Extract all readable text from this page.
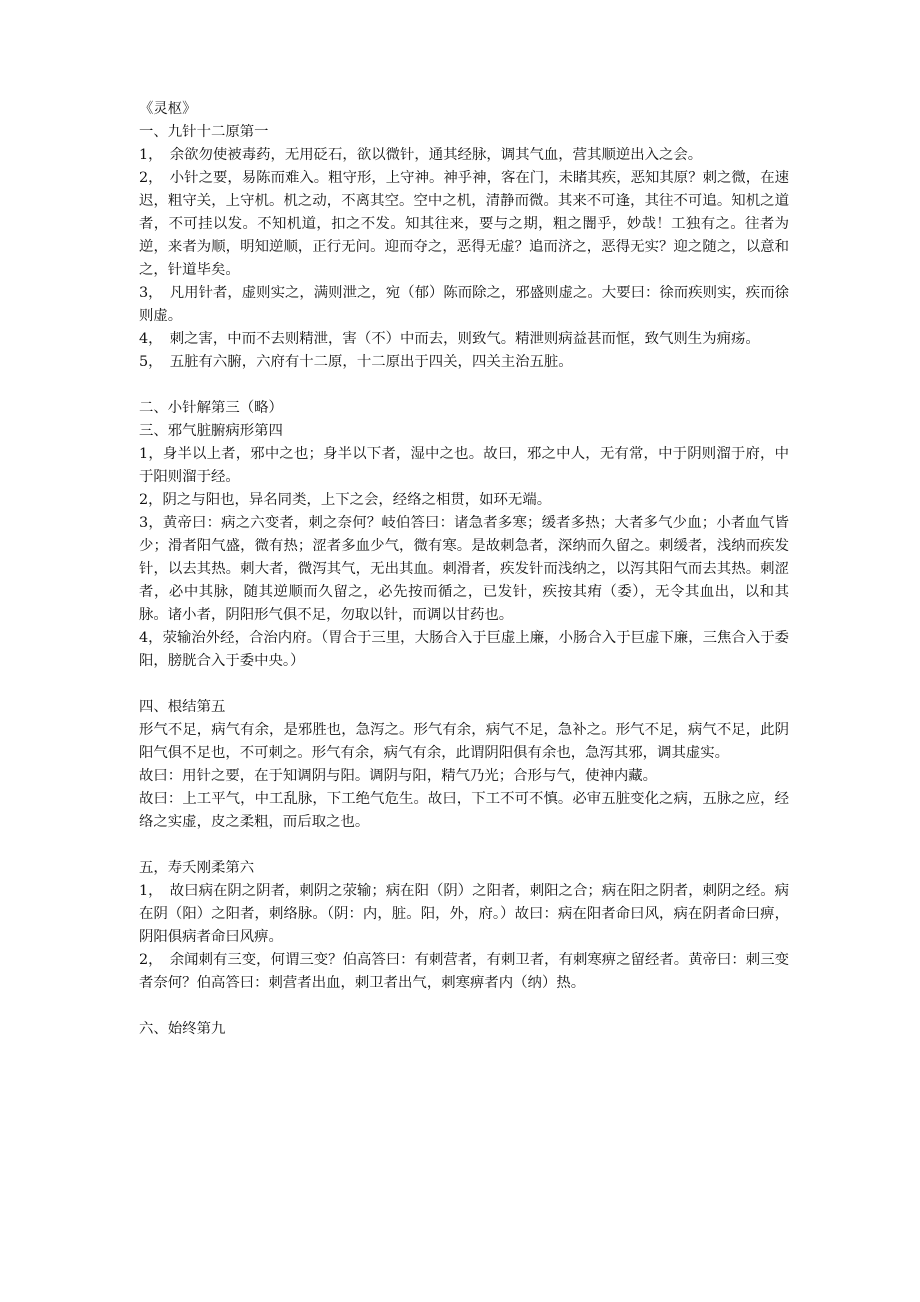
《灵枢》

一、九针十二原第一

1，　余欲勿使被毒药，无用砭石，欲以微针，通其经脉，调其气血，营其顺逆出入之会。

2，　小针之要，易陈而难入。粗守形，上守神。神乎神，客在门，未睹其疾，恶知其原？刺之微，在速迟，粗守关，上守机。机之动，不离其空。空中之机，清静而微。其来不可逢，其往不可追。知机之道者，不可挂以发。不知机道，扣之不发。知其往来，要与之期，粗之闇乎，妙哉！工独有之。往者为逆，来者为顺，明知逆顺，正行无问。迎而夺之，恶得无虚？追而济之，恶得无实？迎之随之，以意和之，针道毕矣。

3，　凡用针者，虚则实之，满则泄之，宛（郁）陈而除之，邪盛则虚之。大要曰：徐而疾则实，疾而徐则虚。

4，　刺之害，中而不去则精泄，害（不）中而去，则致气。精泄则病益甚而恇，致气则生为痈疡。

5，　五脏有六腑，六府有十二原，十二原出于四关，四关主治五脏。

二、小针解第三（略）

三、邪气脏腑病形第四

1，身半以上者，邪中之也；身半以下者，湿中之也。故曰，邪之中人，无有常，中于阴则溜于府，中于阳则溜于经。

2，阴之与阳也，异名同类，上下之会，经络之相贯，如环无端。

3，黄帝曰：病之六变者，刺之奈何？岐伯答曰：诸急者多寒；缓者多热；大者多气少血；小者血气皆少；滑者阳气盛，微有热；涩者多血少气，微有寒。是故刺急者，深纳而久留之。刺缓者，浅纳而疾发针，以去其热。刺大者，微泻其气，无出其血。刺滑者，疾发针而浅纳之，以泻其阳气而去其热。刺涩者，必中其脉，随其逆顺而久留之，必先按而循之，已发针，疾按其痏（委），无令其血出，以和其脉。诸小者，阴阳形气俱不足，勿取以针，而调以甘药也。

4，荥输治外经，合治内府。（胃合于三里，大肠合入于巨虚上廉，小肠合入于巨虚下廉，三焦合入于委阳，膀胱合入于委中央。）

四、根结第五

形气不足，病气有余，是邪胜也，急泻之。形气有余，病气不足，急补之。形气不足，病气不足，此阴阳气俱不足也，不可刺之。形气有余，病气有余，此谓阴阳俱有余也，急泻其邪，调其虚实。

故曰：用针之要，在于知调阴与阳。调阴与阳，精气乃光；合形与气，使神内藏。

故曰：上工平气，中工乱脉，下工绝气危生。故曰，下工不可不慎。必审五脏变化之病，五脉之应，经络之实虚，皮之柔粗，而后取之也。

五，寿夭刚柔第六

1，　故曰病在阴之阴者，刺阴之荥输；病在阳（阴）之阳者，刺阳之合；病在阳之阴者，刺阴之经。病在阴（阳）之阳者，刺络脉。（阴：内，脏。阳，外，府。）故曰：病在阳者命曰风，病在阴者命曰痹，阴阳俱病者命曰风痹。

2，　余闻刺有三变，何谓三变？伯高答曰：有刺营者，有刺卫者，有刺寒痹之留经者。黄帝曰：刺三变者奈何？伯高答曰：刺营者出血，刺卫者出气，刺寒痹者内（纳）热。

六、始终第九
